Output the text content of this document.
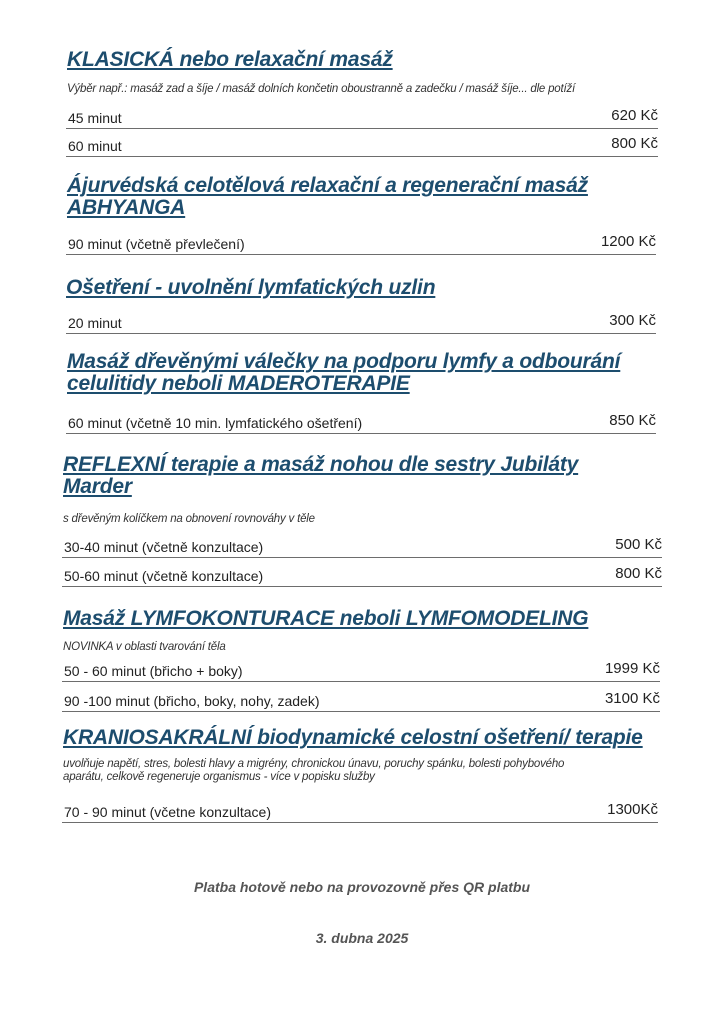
KLASICKÁ nebo relaxační masáž

Výběr např.: masáž zad a šíje / masáž dolních končetin oboustranně a zadečku / masáž šíje... dle potíží

45 minut	620 Kč
60 minut	800 Kč
Ájurvédská celotělová relaxační a regenerační masáž
ABHYANGA
90 minut (včetně převlečení)	1200 Kč
Ošetření - uvolnění lymfatických uzlin
20 minut	300 Kč
Masáž dřevěnými válečky na podporu lymfy a odbourání
celulitidy neboli MADEROTERAPIE
60 minut (včetně 10 min. lymfatického ošetření)	850 Kč
REFLEXNÍ terapie a masáž nohou dle sestry Jubiláty
Marder

s dřevěným kolíčkem na obnovení rovnováhy v těle

30-40 minut (včetně konzultace)	500 Kč
50-60 minut (včetně konzultace)	800 Kč
Masáž LYMFOKONTURACE neboli LYMFOMODELING

NOVINKA v oblasti tvarování těla

50 - 60 minut (břicho + boky)	1999 Kč
90 -100 minut (břicho, boky, nohy, zadek)	3100 Kč
KRANIOSAKRÁLNÍ biodynamické celostní ošetření/ terapie

uvolňuje napětí, stres, bolesti hlavy a migrény, chronickou únavu, poruchy spánku, bolesti pohybového

aparátu, celkově regeneruje organismus - více v popisku služby

70 - 90 minut (včetne konzultace)	1300Kč
Platba hotově nebo na provozovně přes QR platbu
3. dubna 2025
